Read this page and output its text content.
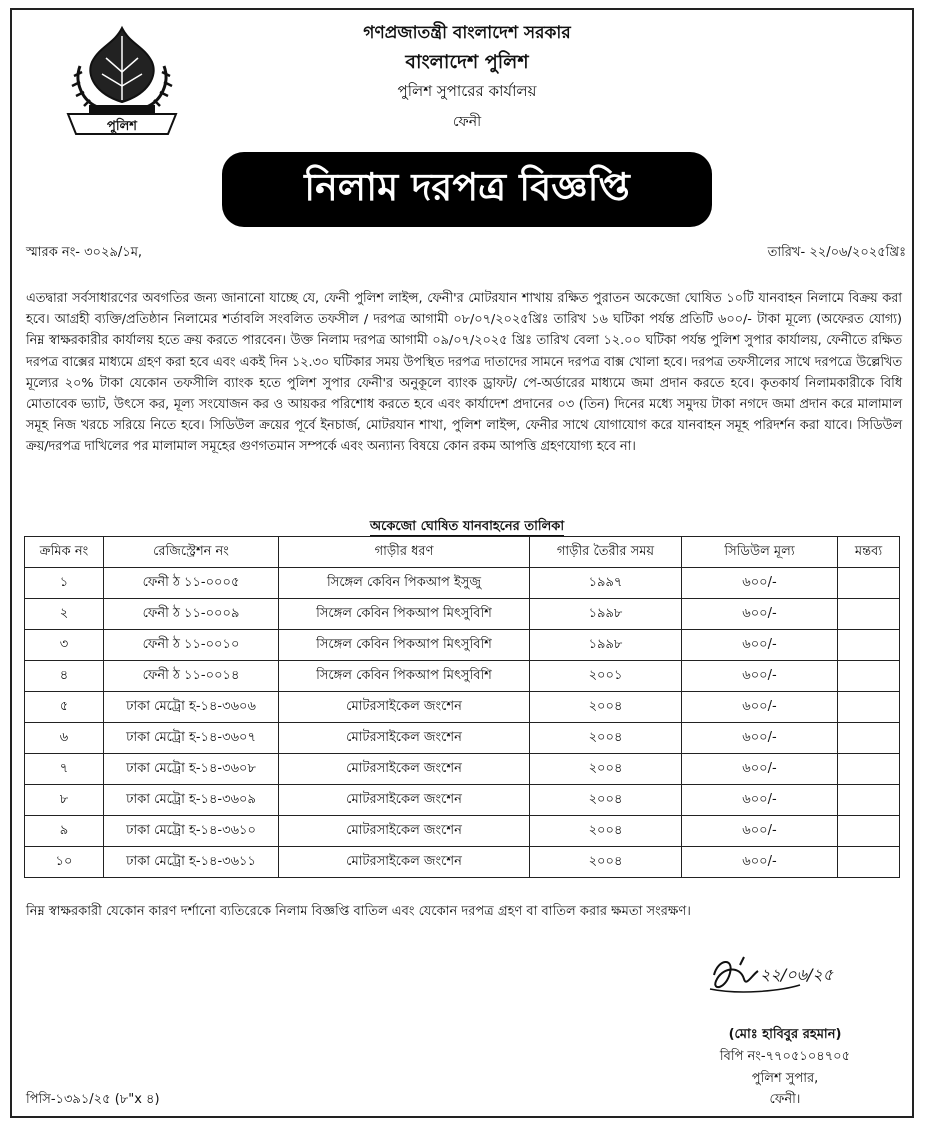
পুলিশ
গণপ্রজাতন্ত্রী বাংলাদেশ সরকার
বাংলাদেশ পুলিশ
পুলিশ সুপারের কার্যালয়
ফেনী
নিলাম দরপত্র বিজ্ঞপ্তি
স্মারক নং- ৩০২৯/১ম,	তারিখ- ২২/০৬/২০২৫খ্রিঃ
এতদ্বারা সর্বসাধারণের অবগতির জন্য জানানো যাচ্ছে যে, ফেনী পুলিশ লাইন্স, ফেনী'র মোটরযান শাখায় রক্ষিত পুরাতন অকেজো ঘোষিত ১০টি যানবাহন নিলামে বিক্রয় করা হবে। আগ্রহী ব্যক্তি/প্রতিষ্ঠান নিলামের শর্তাবলি সংবলিত তফসীল / দরপত্র আগামী ০৮/০৭/২০২৫খ্রিঃ তারিখ ১৬ ঘটিকা পর্যন্ত প্রতিটি ৬০০/- টাকা মূল্যে (অফেরত যোগ্য) নিম্ন স্বাক্ষরকারীর কার্যালয় হতে ক্রয় করতে পারবেন। উক্ত নিলাম দরপত্র আগামী ০৯/০৭/২০২৫ খ্রিঃ তারিখ বেলা ১২.০০ ঘটিকা পর্যন্ত পুলিশ সুপার কার্যালয়, ফেনীতে রক্ষিত দরপত্র বাক্সের মাধ্যমে গ্রহণ করা হবে এবং একই দিন ১২.৩০ ঘটিকার সময় উপস্থিত দরপত্র দাতাদের সামনে দরপত্র বাক্স খোলা হবে। দরপত্র তফসীলের সাথে দরপত্রে উল্লেখিত মূল্যের ২০% টাকা যেকোন তফসীলি ব্যাংক হতে পুলিশ সুপার ফেনী'র অনুকূলে ব্যাংক ড্রাফট/ পে-অর্ডারের মাধ্যমে জমা প্রদান করতে হবে। কৃতকার্য নিলামকারীকে বিধি মোতাবেক ভ্যাট, উৎসে কর, মূল্য সংযোজন কর ও আয়কর পরিশোধ করতে হবে এবং কার্যাদেশ প্রদানের ০৩ (তিন) দিনের মধ্যে সমুদয় টাকা নগদে জমা প্রদান করে মালামাল সমূহ নিজ খরচে সরিয়ে নিতে হবে। সিডিউল ক্রয়ের পূর্বে ইনচার্জ, মোটরযান শাখা, পুলিশ লাইন্স, ফেনীর সাথে যোগাযোগ করে যানবাহন সমূহ পরিদর্শন করা যাবে। সিডিউল ক্রয়/দরপত্র দাখিলের পর মালামাল সমূহের গুণগতমান সম্পর্কে এবং অন্যান্য বিষয়ে কোন রকম আপত্তি গ্রহণযোগ্য হবে না।
অকেজো ঘোষিত যানবাহনের তালিকা
ক্রমিক নং	রেজিস্ট্রেশন নং	গাড়ীর ধরণ	গাড়ীর তৈরীর সময়	সিডিউল মূল্য	মন্তব্য
১	ফেনী ঠ ১১-০০০৫	সিঙ্গেল কেবিন পিকআপ ইসুজু	১৯৯৭	৬০০/-	
২	ফেনী ঠ ১১-০০০৯	সিঙ্গেল কেবিন পিকআপ মিৎসুবিশি	১৯৯৮	৬০০/-	
৩	ফেনী ঠ ১১-০০১০	সিঙ্গেল কেবিন পিকআপ মিৎসুবিশি	১৯৯৮	৬০০/-	
৪	ফেনী ঠ ১১-০০১৪	সিঙ্গেল কেবিন পিকআপ মিৎসুবিশি	২০০১	৬০০/-	
৫	ঢাকা মেট্রো হ-১৪-৩৬০৬	মোটরসাইকেল জংশেন	২০০৪	৬০০/-	
৬	ঢাকা মেট্রো হ-১৪-৩৬০৭	মোটরসাইকেল জংশেন	২০০৪	৬০০/-	
৭	ঢাকা মেট্রো হ-১৪-৩৬০৮	মোটরসাইকেল জংশেন	২০০৪	৬০০/-	
৮	ঢাকা মেট্রো হ-১৪-৩৬০৯	মোটরসাইকেল জংশেন	২০০৪	৬০০/-	
৯	ঢাকা মেট্রো হ-১৪-৩৬১০	মোটরসাইকেল জংশেন	২০০৪	৬০০/-	
১০	ঢাকা মেট্রো হ-১৪-৩৬১১	মোটরসাইকেল জংশেন	২০০৪	৬০০/-	
নিম্ন স্বাক্ষরকারী যেকোন কারণ দর্শানো ব্যতিরেকে নিলাম বিজ্ঞপ্তি বাতিল এবং যেকোন দরপত্র গ্রহণ বা বাতিল করার ক্ষমতা সংরক্ষণ।
২২/০৬/২৫
(মোঃ হাবিবুর রহমান)
বিপি নং-৭৭০৫১০৪৭০৫
পুলিশ সুপার,
ফেনী।
পিসি-১৩৯১/২৫ (৮"x ৪)
